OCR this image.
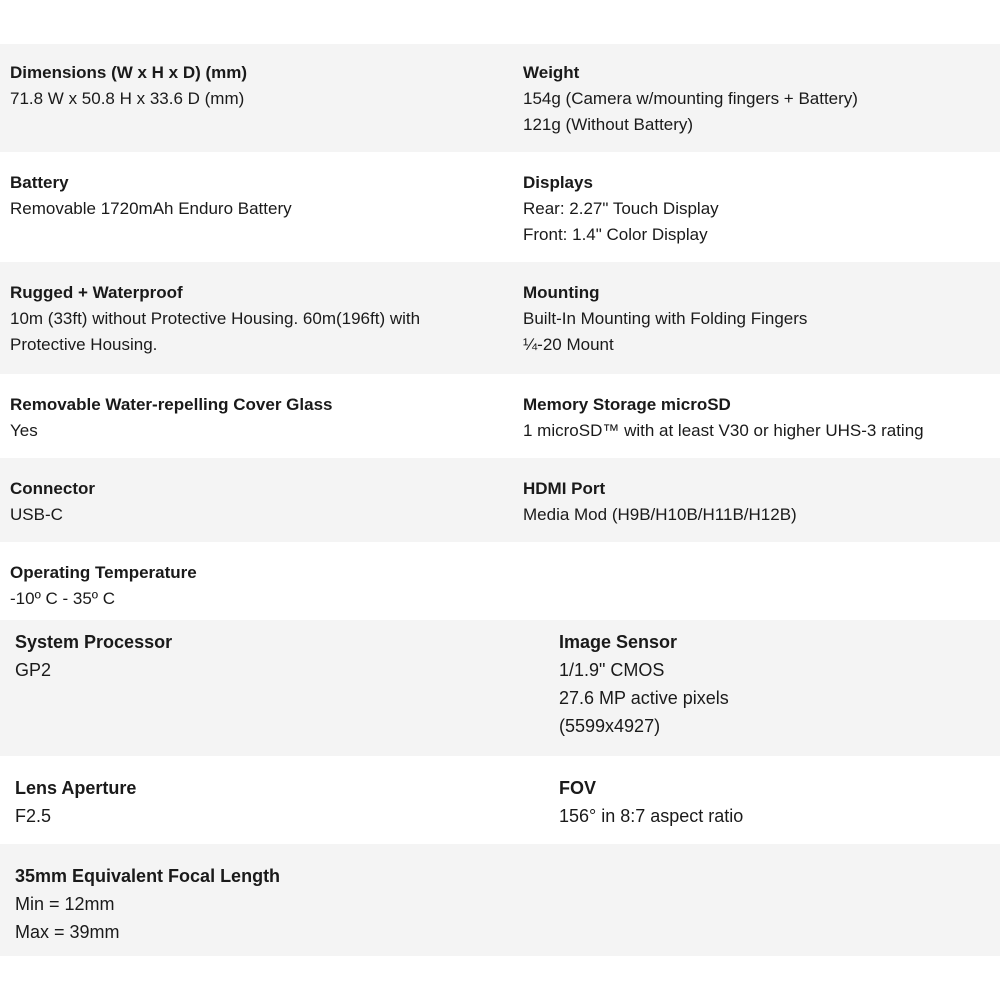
Dimensions (W x H x D) (mm)

71.8 W x 50.8 H x 33.6 D (mm)

Weight

154g (Camera w/mounting fingers + Battery)

121g (Without Battery)

Battery

Removable 1720mAh Enduro Battery

Displays

Rear: 2.27" Touch Display

Front: 1.4" Color Display

Rugged + Waterproof

10m (33ft) without Protective Housing. 60m(196ft) with

Protective Housing.

Mounting

Built-In Mounting with Folding Fingers

¼-20 Mount

Removable Water-repelling Cover Glass

Yes

Memory Storage microSD

1 microSD™ with at least V30 or higher UHS-3 rating

Connector

USB-C

HDMI Port

Media Mod (H9B/H10B/H11B/H12B)

Operating Temperature

-10º C - 35º C

System Processor

GP2

Image Sensor

1/1.9" CMOS

27.6 MP active pixels

(5599x4927)

Lens Aperture

F2.5

FOV

156° in 8:7 aspect ratio

35mm Equivalent Focal Length

Min = 12mm

Max = 39mm
